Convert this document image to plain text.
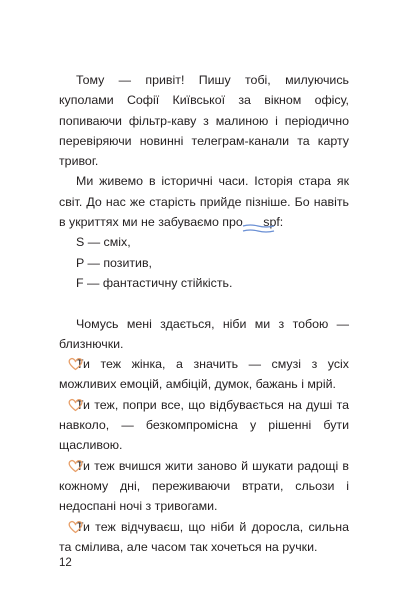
Тому — привіт! Пишу тобі, милуючись куполами Софії Київської за вікном офісу, попиваючи фільтр-каву з малиною і періодично перевіряючи новинні телеграм-канали та карту тривог.

Ми живемо в історичні часи. Історія стара як світ. До нас же старість прийде пізніше. Бо навіть в укриттях ми не забуваємо про spf:

S — сміх,

P — позитив,

F — фантастичну стійкість.

Чомусь мені здається, ніби ми з тобою — близнючки.

Ти теж жінка, а значить — смузі з усіх можливих емоцій, амбіцій, думок, бажань і мрій.

Ти теж, попри все, що відбувається на душі та навколо, — безкомпромісна у рішенні бути щасливою.

Ти теж вчишся жити заново й шукати радощі в кожному дні, переживаючи втрати, сльози і недоспані ночі з тривогами.

Ти теж відчуваєш, що ніби й доросла, сильна та смілива, але часом так хочеться на ручки.

12
